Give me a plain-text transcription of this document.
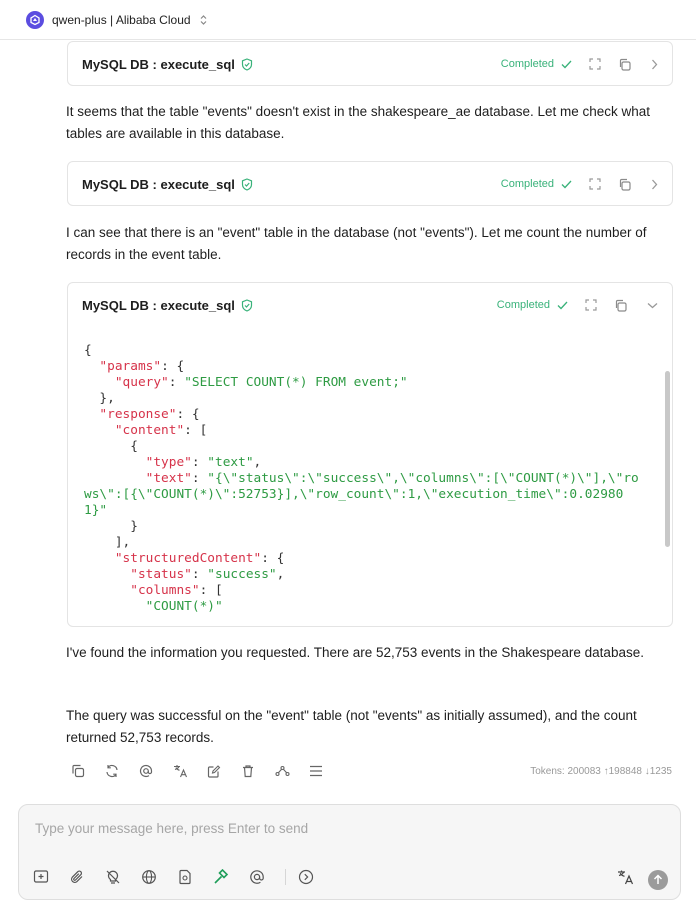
qwen-plus | Alibaba Cloud
MySQL DB : execute_sql	Completed
It seems that the table "events" doesn't exist in the shakespeare_ae database. Let me check what tables are available in this database.
MySQL DB : execute_sql	Completed
I can see that there is an "event" table in the database (not "events"). Let me count the number of records in the event table.
MySQL DB : execute_sql	Completed
{
"params": {
"query": "SELECT COUNT(*) FROM event;"
},
"response": {
"content": [
{
"type": "text",
"text": "{\"status\":\"success\",\"columns\":[\"COUNT(*)\"],\"rows\":[{\"COUNT(*)\":52753}],\"row_count\":1,\"execution_time\":0.029801}"
}
],
"structuredContent": {
"status": "success",
"columns": [
"COUNT(*)"
I've found the information you requested. There are 52,753 events in the Shakespeare database.
The query was successful on the "event" table (not "events" as initially assumed), and the count returned 52,753 records.
Tokens: 200083 ↑198848 ↓1235
Type your message here, press Enter to send
